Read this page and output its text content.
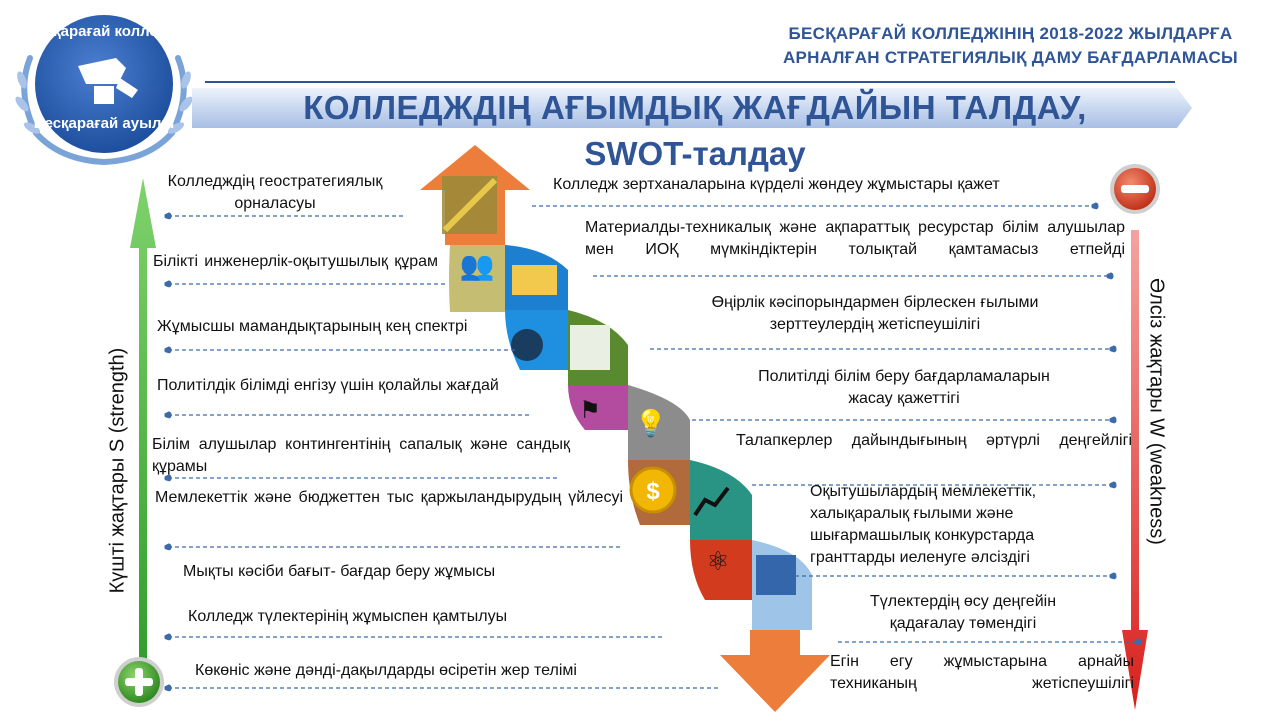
Бесқарағай колледжі
Бесқарағай ауылы
БЕСҚАРАҒАЙ КОЛЛЕДЖІНІҢ 2018-2022 ЖЫЛДАРҒА
АРНАЛҒАН СТРАТЕГИЯЛЫҚ ДАМУ БАҒДАРЛАМАСЫ
КОЛЛЕДЖДІҢ АҒЫМДЫҚ ЖАҒДАЙЫН ТАЛДАУ,
SWOT-талдау
Күшті жақтары S (strength)	Әлсіз жақтары W (weakness)
👥
⚑ 💡
$
⚛
Колледждің геостратегиялық орналасуы
Білікті инженерлік-оқытушылық құрам
Жұмысшы мамандықтарының кең спектрі
Политілдік білімді енгізу үшін қолайлы жағдай
Білім алушылар контингентінің сапалық және сандық құрамы
Мемлекеттік және бюджеттен тыс қаржыландырудың үйлесуі
Мықты кәсіби бағыт- бағдар беру жұмысы
Колледж түлектерінің жұмыспен қамтылуы
Көкөніс және дәнді-дақылдарды өсіретін жер телімі
Колледж зертханаларына күрделі жөндеу жұмыстары қажет
Материалды-техникалық және ақпараттық ресурстар білім алушылар мен ИОҚ мүмкіндіктерін толықтай қамтамасыз етпейді
Өңірлік кәсіпорындармен бірлескен ғылыми зерттеулердің жетіспеушілігі
Политілді білім беру бағдарламаларын жасау қажеттігі
Талапкерлер дайындығының әртүрлі деңгейлігі
Оқытушылардың мемлекеттік, халықаралық ғылыми және шығармашылық конкурстарда гранттарды иеленуге әлсіздігі
Түлектердің өсу деңгейін қадағалау төмендігі
Егін егу жұмыстарына арнайы техниканың жетіспеушілігі
